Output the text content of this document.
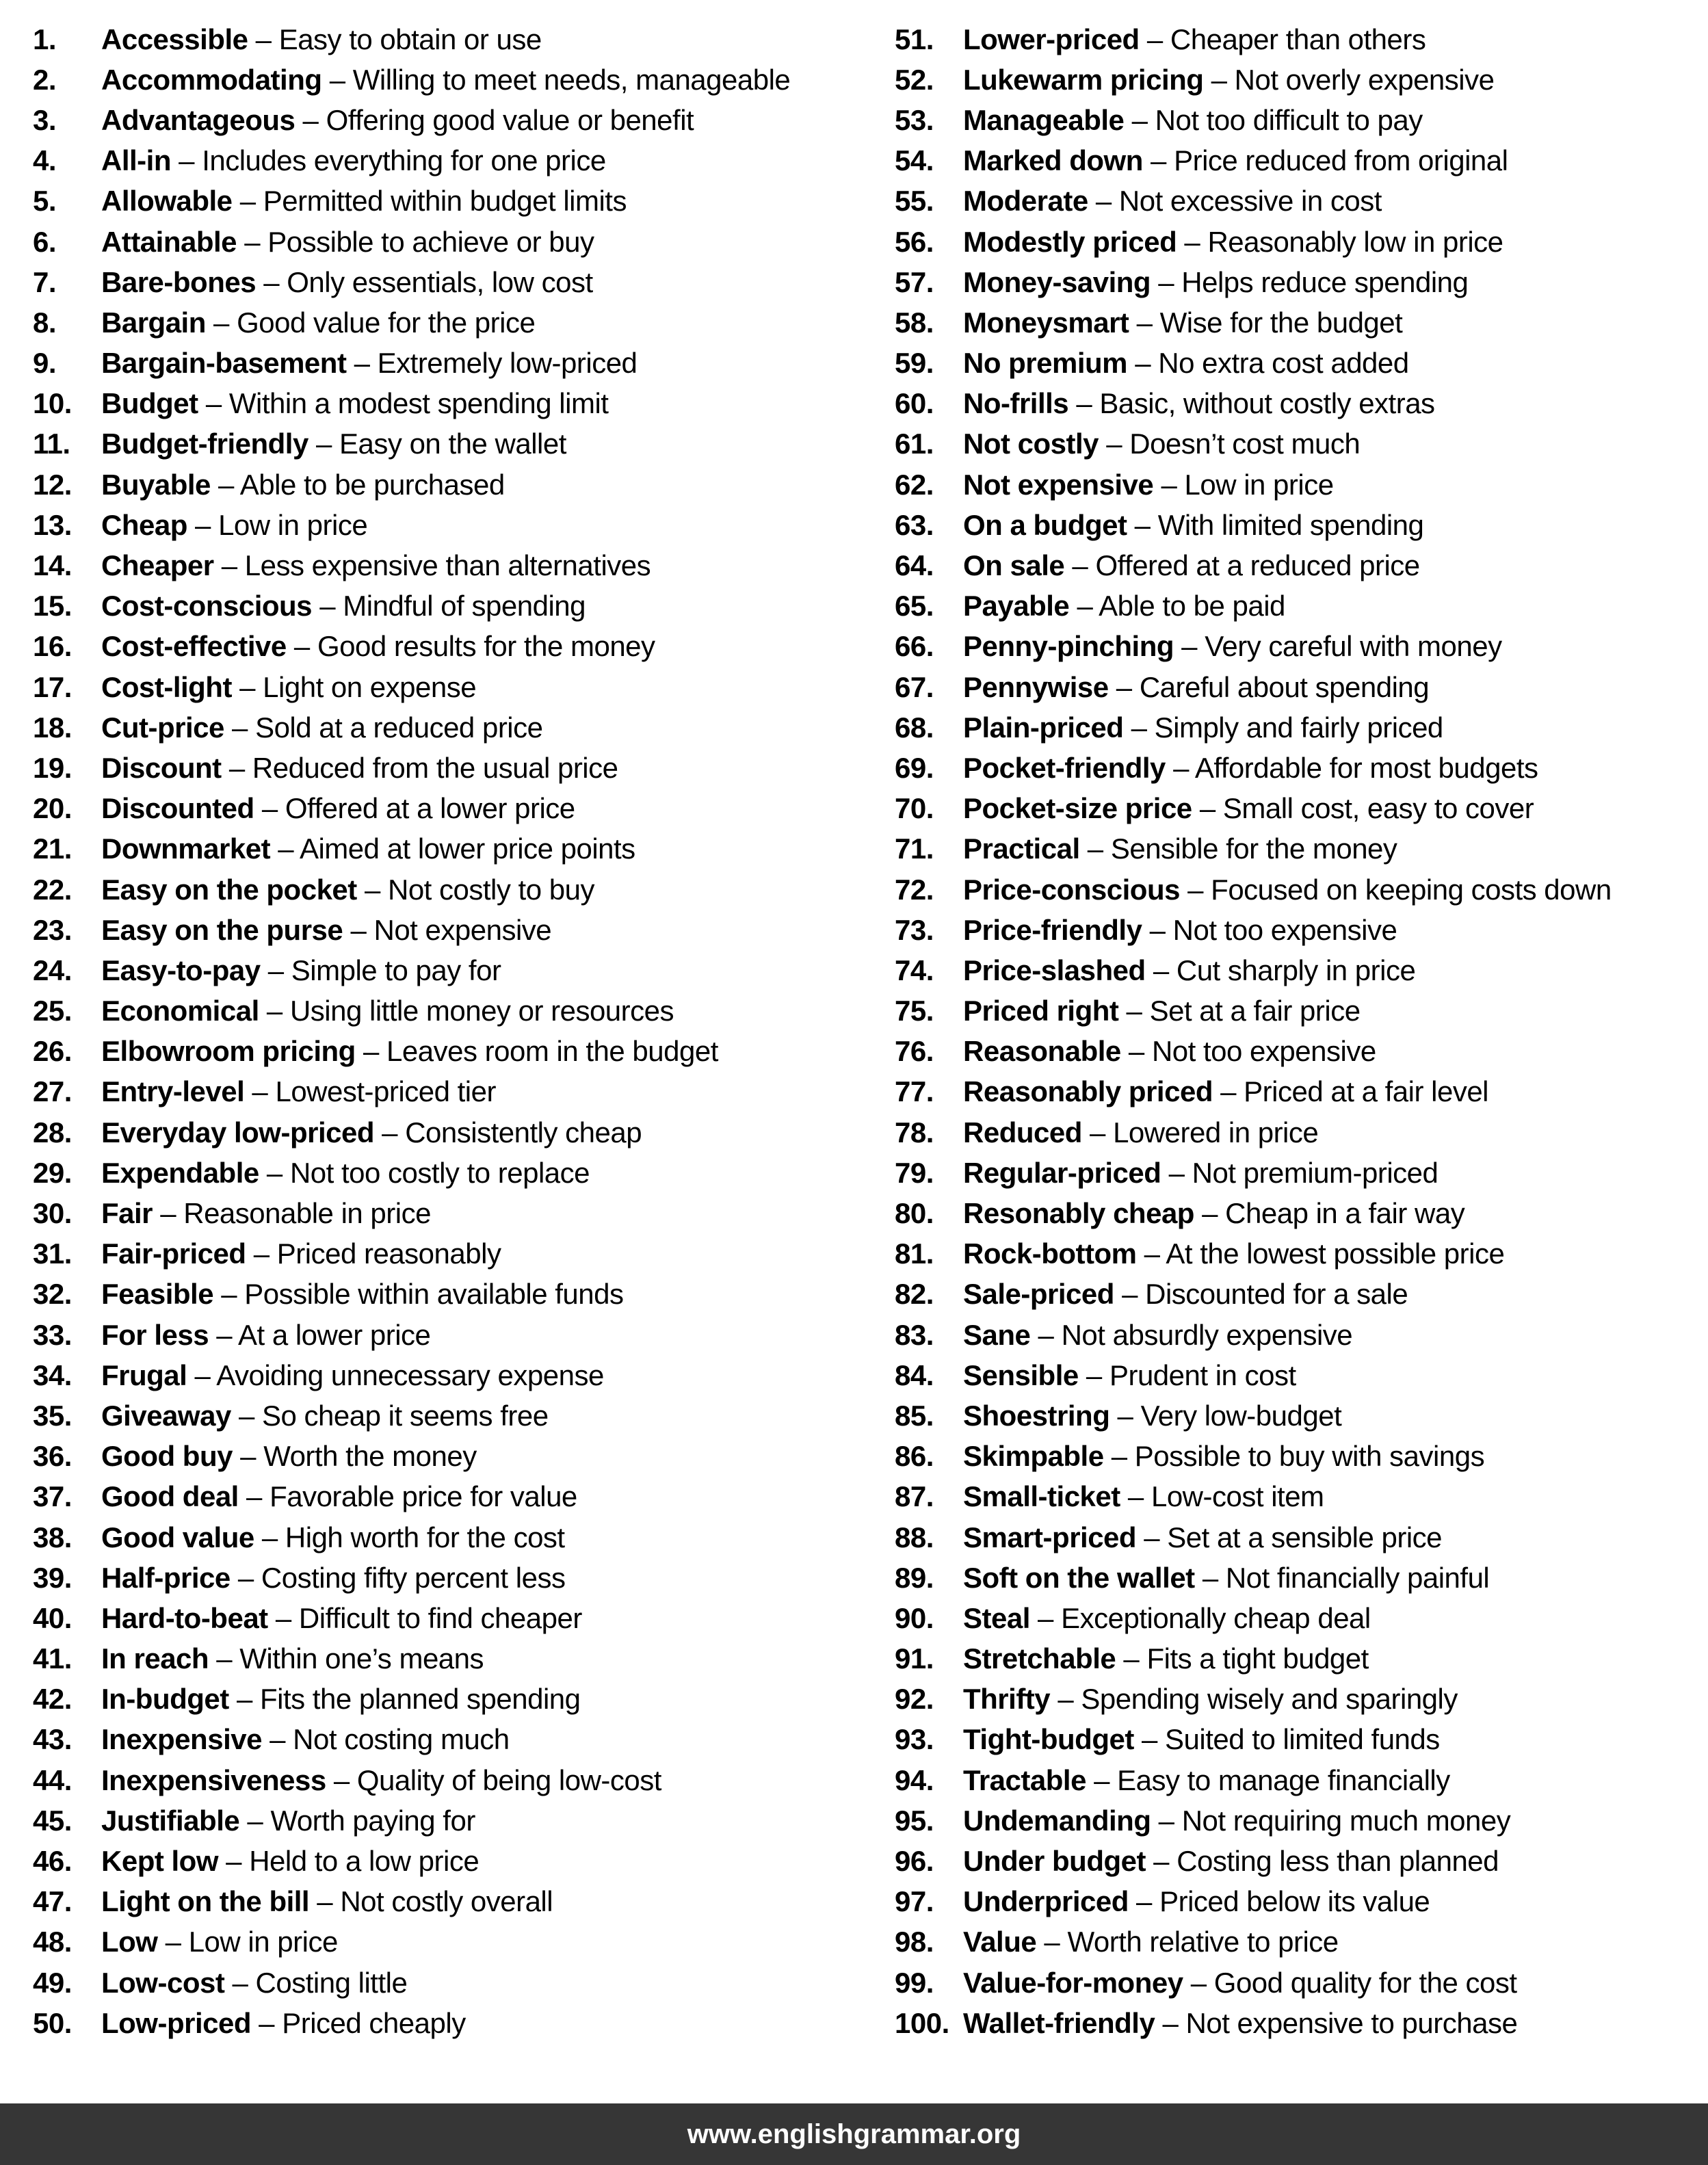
1.	Accessible – Easy to obtain or use
2.	Accommodating – Willing to meet needs, manageable
3.	Advantageous – Offering good value or benefit
4.	All-in – Includes everything for one price
5.	Allowable – Permitted within budget limits
6.	Attainable – Possible to achieve or buy
7.	Bare-bones – Only essentials, low cost
8.	Bargain – Good value for the price
9.	Bargain-basement – Extremely low-priced
10.	Budget – Within a modest spending limit
11.	Budget-friendly – Easy on the wallet
12.	Buyable – Able to be purchased
13.	Cheap – Low in price
14.	Cheaper – Less expensive than alternatives
15.	Cost-conscious – Mindful of spending
16.	Cost-effective – Good results for the money
17.	Cost-light – Light on expense
18.	Cut-price – Sold at a reduced price
19.	Discount – Reduced from the usual price
20.	Discounted – Offered at a lower price
21.	Downmarket – Aimed at lower price points
22.	Easy on the pocket – Not costly to buy
23.	Easy on the purse – Not expensive
24.	Easy-to-pay – Simple to pay for
25.	Economical – Using little money or resources
26.	Elbowroom pricing – Leaves room in the budget
27.	Entry-level – Lowest-priced tier
28.	Everyday low-priced – Consistently cheap
29.	Expendable – Not too costly to replace
30.	Fair – Reasonable in price
31.	Fair-priced – Priced reasonably
32.	Feasible – Possible within available funds
33.	For less – At a lower price
34.	Frugal – Avoiding unnecessary expense
35.	Giveaway – So cheap it seems free
36.	Good buy – Worth the money
37.	Good deal – Favorable price for value
38.	Good value – High worth for the cost
39.	Half-price – Costing fifty percent less
40.	Hard-to-beat – Difficult to find cheaper
41.	In reach – Within one’s means
42.	In-budget – Fits the planned spending
43.	Inexpensive – Not costing much
44.	Inexpensiveness – Quality of being low-cost
45.	Justifiable – Worth paying for
46.	Kept low – Held to a low price
47.	Light on the bill – Not costly overall
48.	Low – Low in price
49.	Low-cost – Costing little
50.	Low-priced – Priced cheaply
51.	Lower-priced – Cheaper than others
52.	Lukewarm pricing – Not overly expensive
53.	Manageable – Not too difficult to pay
54.	Marked down – Price reduced from original
55.	Moderate – Not excessive in cost
56.	Modestly priced – Reasonably low in price
57.	Money-saving – Helps reduce spending
58.	Moneysmart – Wise for the budget
59.	No premium – No extra cost added
60.	No-frills – Basic, without costly extras
61.	Not costly – Doesn’t cost much
62.	Not expensive – Low in price
63.	On a budget – With limited spending
64.	On sale – Offered at a reduced price
65.	Payable – Able to be paid
66.	Penny-pinching – Very careful with money
67.	Pennywise – Careful about spending
68.	Plain-priced – Simply and fairly priced
69.	Pocket-friendly – Affordable for most budgets
70.	Pocket-size price – Small cost, easy to cover
71.	Practical – Sensible for the money
72.	Price-conscious – Focused on keeping costs down
73.	Price-friendly – Not too expensive
74.	Price-slashed – Cut sharply in price
75.	Priced right – Set at a fair price
76.	Reasonable – Not too expensive
77.	Reasonably priced – Priced at a fair level
78.	Reduced – Lowered in price
79.	Regular-priced – Not premium-priced
80.	Resonably cheap – Cheap in a fair way
81.	Rock-bottom – At the lowest possible price
82.	Sale-priced – Discounted for a sale
83.	Sane – Not absurdly expensive
84.	Sensible – Prudent in cost
85.	Shoestring – Very low-budget
86.	Skimpable – Possible to buy with savings
87.	Small-ticket – Low-cost item
88.	Smart-priced – Set at a sensible price
89.	Soft on the wallet – Not financially painful
90.	Steal – Exceptionally cheap deal
91.	Stretchable – Fits a tight budget
92.	Thrifty – Spending wisely and sparingly
93.	Tight-budget – Suited to limited funds
94.	Tractable – Easy to manage financially
95.	Undemanding – Not requiring much money
96.	Under budget – Costing less than planned
97.	Underpriced – Priced below its value
98.	Value – Worth relative to price
99.	Value-for-money – Good quality for the cost
100. Wallet-friendly – Not expensive to purchase
www.englishgrammar.org
